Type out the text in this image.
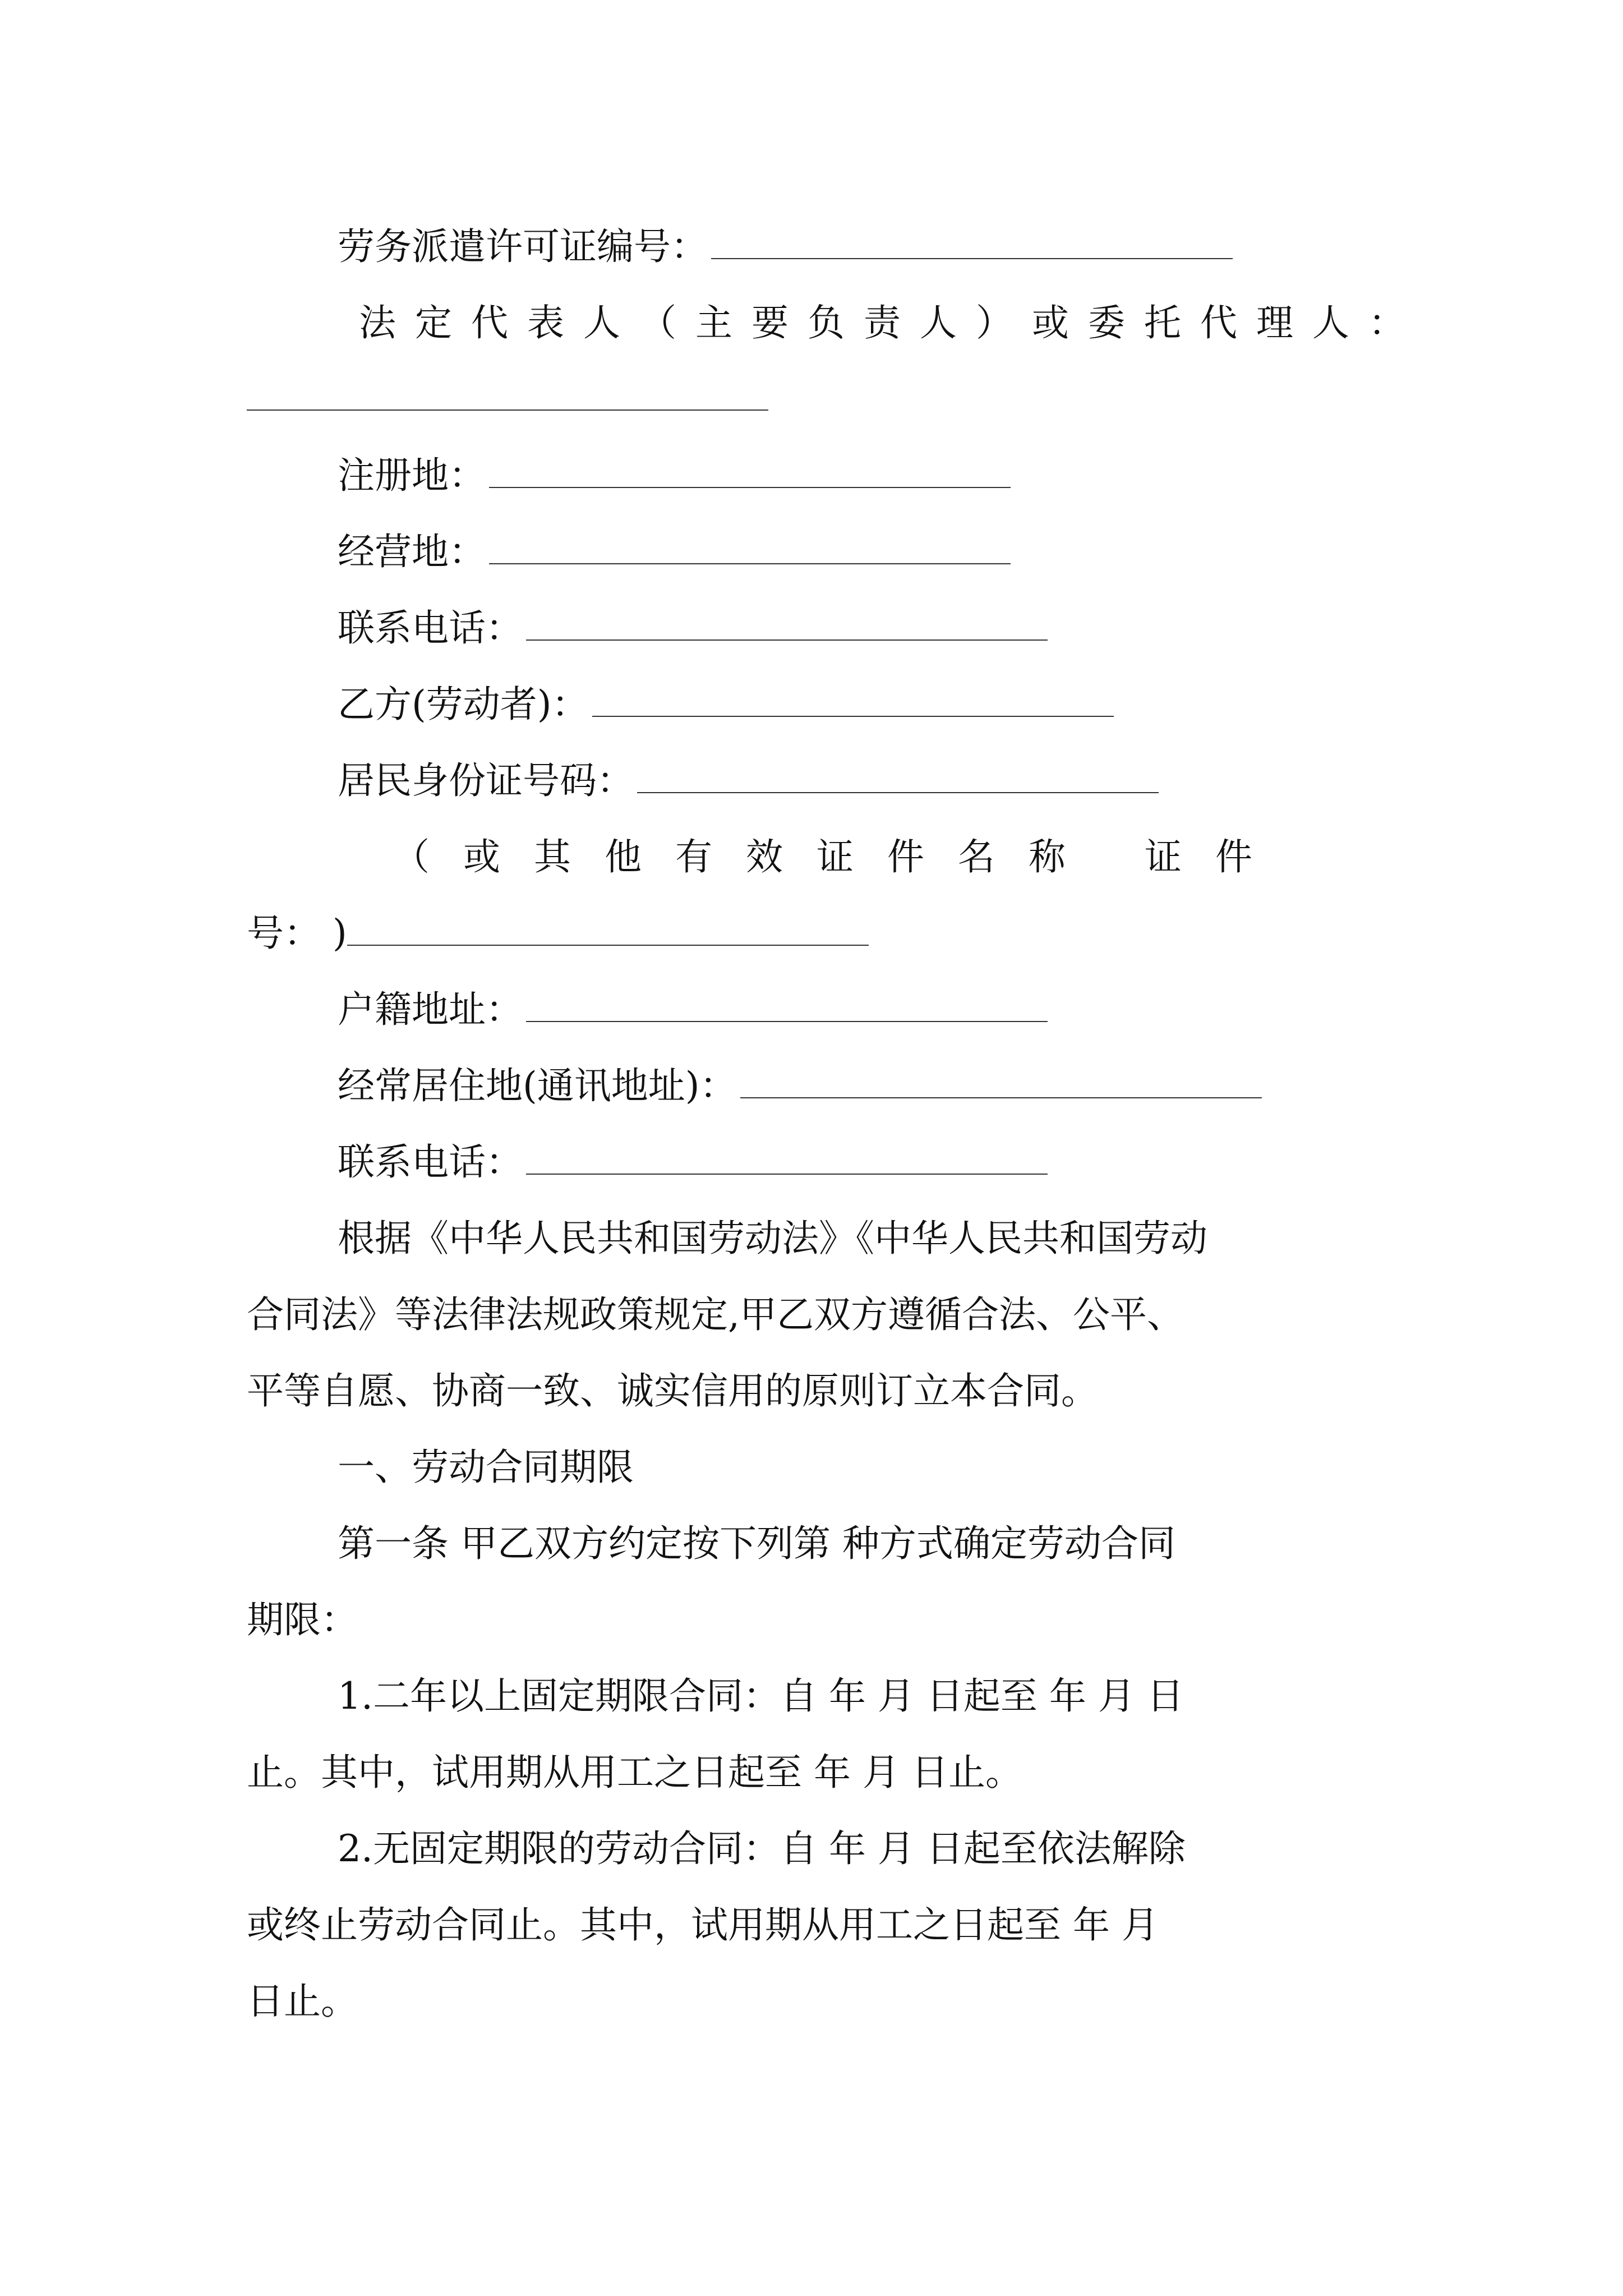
劳务派遣许可证编号：
法定代表人（主要负责人）或委托代理人：
注册地：
经营地：
联系电话：
乙方(劳动者)：
居民身份证号码：
（或其他有效证件名称 证件
号： )
户籍地址：
经常居住地(通讯地址)：
联系电话：
根据《中华人民共和国劳动法》《中华人民共和国劳动
合同法》等法律法规政策规定,甲乙双方遵循合法、公平、
平等自愿、协商一致、诚实信用的原则订立本合同。
一、劳动合同期限
第一条 甲乙双方约定按下列第 种方式确定劳动合同
期限：
1.二年以上固定期限合同：自 年 月 日起至 年 月 日
止。其中，试用期从用工之日起至 年 月 日止。
2.无固定期限的劳动合同：自 年 月 日起至依法解除
或终止劳动合同止。其中，试用期从用工之日起至 年 月
日止。
